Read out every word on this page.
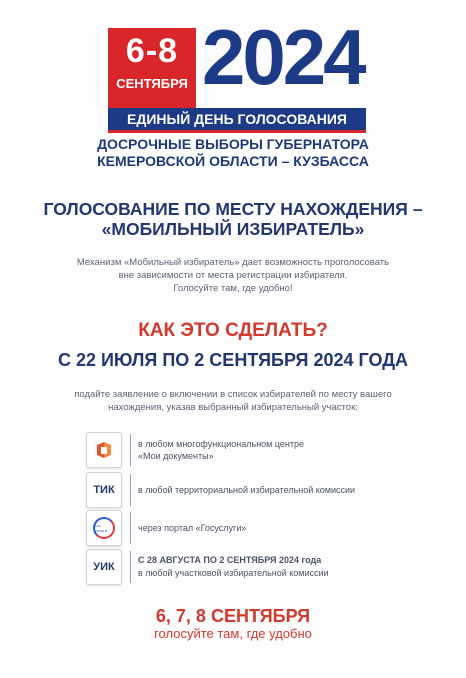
6-8
СЕНТЯБРЯ 2024
ЕДИНЫЙ ДЕНЬ ГОЛОСОВАНИЯ
ДОСРОЧНЫЕ ВЫБОРЫ ГУБЕРНАТОРА
КЕМЕРОВСКОЙ ОБЛАСТИ – КУЗБАССА
ГОЛОСОВАНИЕ ПО МЕСТУ НАХОЖДЕНИЯ –
«МОБИЛЬНЫЙ ИЗБИРАТЕЛЬ»
Механизм «Мобильный избиратель» дает возможность проголосовать
вне зависимости от места регистрации избирателя.
Голосуйте там, где удобно!
КАК ЭТО СДЕЛАТЬ?
С 22 ИЮЛЯ ПО 2 СЕНТЯБРЯ 2024 ГОДА
подайте заявление о включении в список избирателей по месту вашего
нахождения, указав выбранный избирательный участок:
в любом многофункциональном центре
«Мои документы»
ТИК	в любой территориальной избирательной комиссии
гос услуги	через портал «Госуслуги»
УИК
С 28 АВГУСТА ПО 2 СЕНТЯБРЯ 2024 года
в любой участковой избирательной комиссии
6, 7, 8 СЕНТЯБРЯ
голосуйте там, где удобно
